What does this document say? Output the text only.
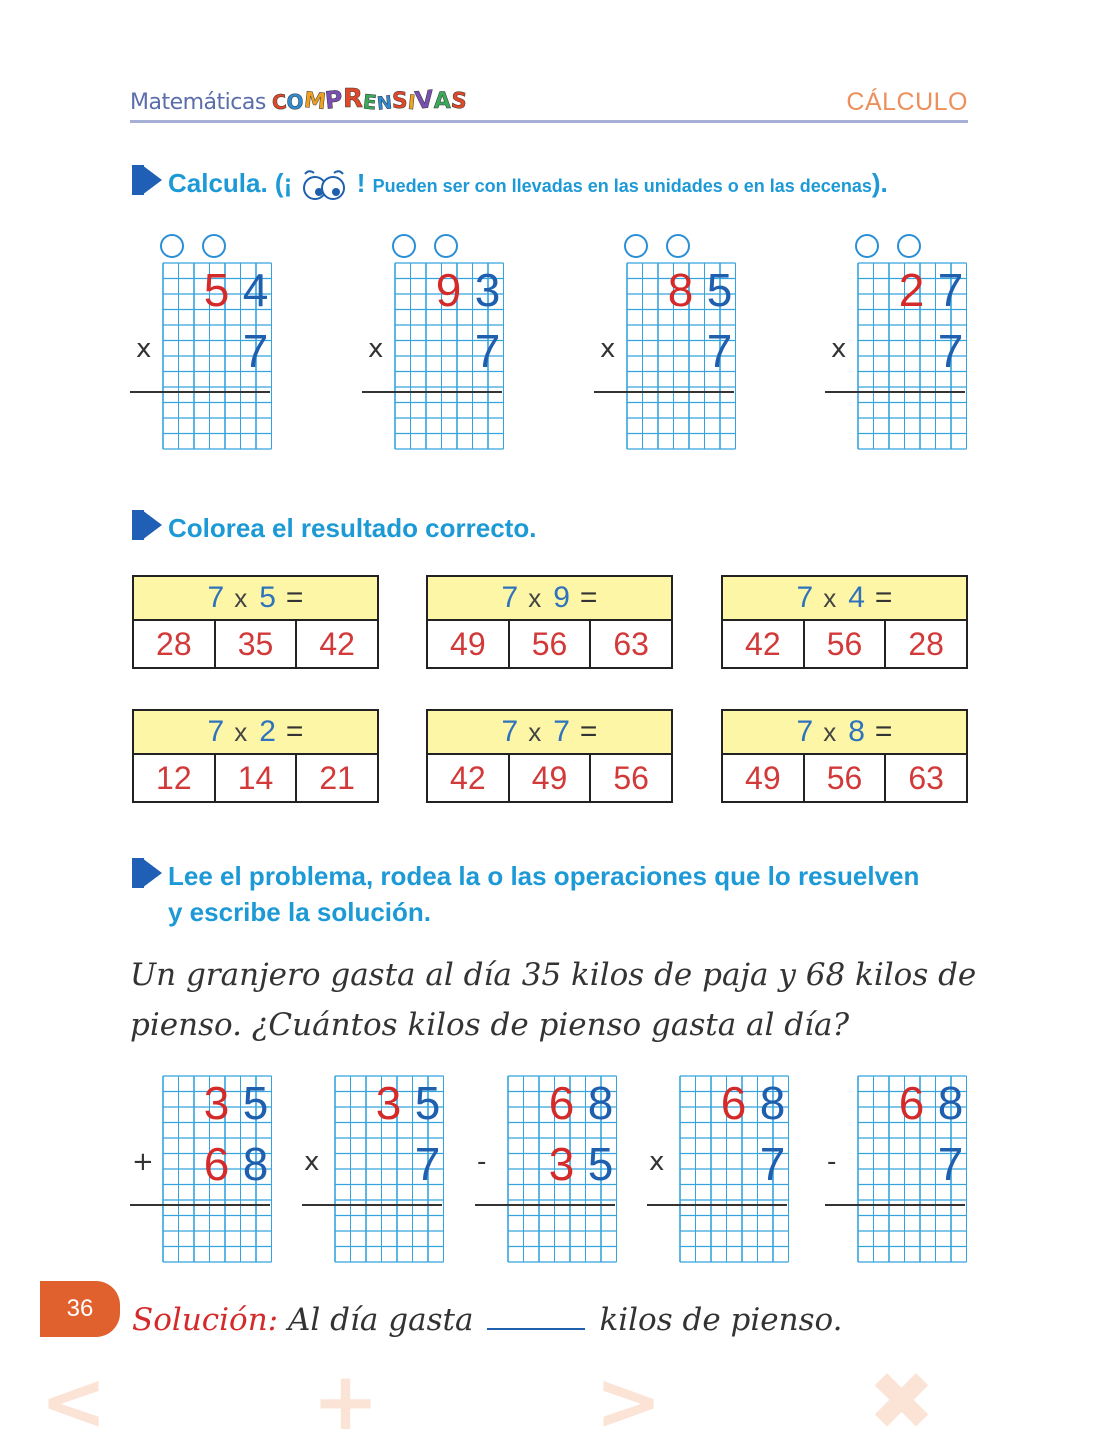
Matemáticas C
O
M
P
R
E
N
S
I
V
A
S	CÁLCULO
Calcula. (¡ ! Pueden ser con llevadas en las unidades o en las decenas).
5 4
7
x
9 3
7
x
8 5
7
x
2 7
7
x
Colorea el resultado correcto.
7 x 5 =
28	35	42
7 x 9 =
49	56	63
7 x 4 =
42	56	28
7 x 2 =
12	14	21
7 x 7 =
42	49	56
7 x 8 =
49	56	63
Lee el problema, rodea la o las operaciones que lo resuelven
y escribe la solución.
Un granjero gasta al día 35 kilos de paja y 68 kilos de
pienso. ¿Cuántos kilos de pienso gasta al día?
3 5
6 8
+
3 5
7
x
6 8
3 5
-
6 8
7
x
6 8
7
-
36	Solución: Al día gasta	kilos de pienso.
<	+	>	✖
